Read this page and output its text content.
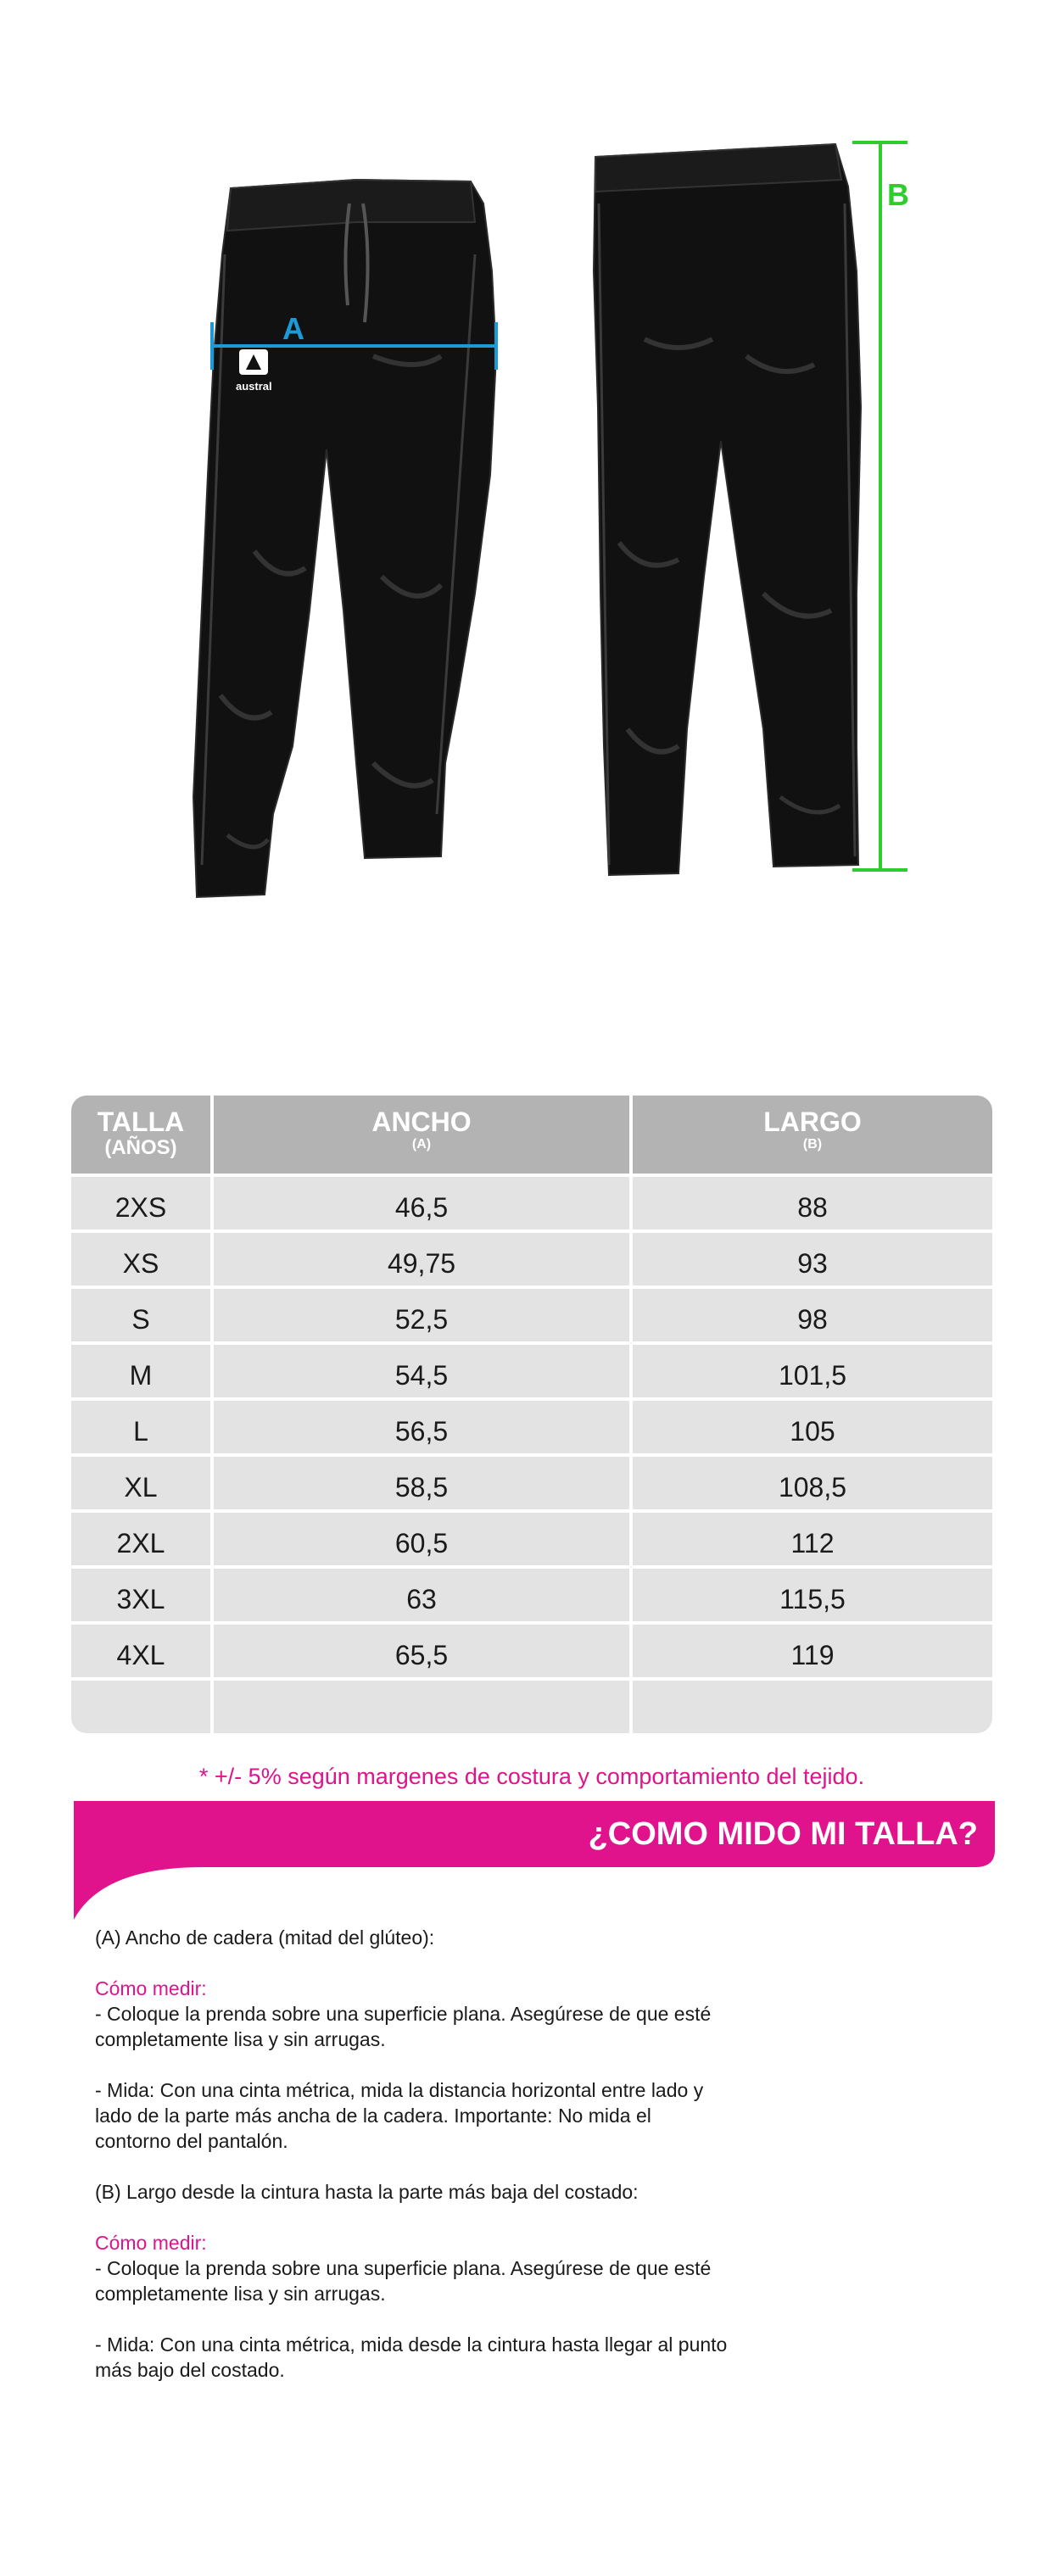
austral
A
B
PANTALON CHANDAL PRO 2.0 - PSPT205M-CP
TALLA
(AÑOS)
ANCHO
(A)
LARGO
(B)
2XS	46,5	88
XS	49,75	93
S	52,5	98
M	54,5	101,5
L	56,5	105
XL	58,5	108,5
2XL	60,5	112
3XL	63	115,5
4XL	65,5	119
* +/- 5% según margenes de costura y comportamiento del tejido.
¿COMO MIDO MI TALLA?

(A) Ancho de cadera (mitad del glúteo):

Cómo medir:

- Coloque la prenda sobre una superficie plana. Asegúrese de que esté

completamente lisa y sin arrugas.

- Mida: Con una cinta métrica, mida la distancia horizontal entre lado y

lado de la parte más ancha de la cadera. Importante: No mida el

contorno del pantalón.

(B) Largo desde la cintura hasta la parte más baja del costado:

Cómo medir:

- Coloque la prenda sobre una superficie plana. Asegúrese de que esté

completamente lisa y sin arrugas.

- Mida: Con una cinta métrica, mida desde la cintura hasta llegar al punto

más bajo del costado.
